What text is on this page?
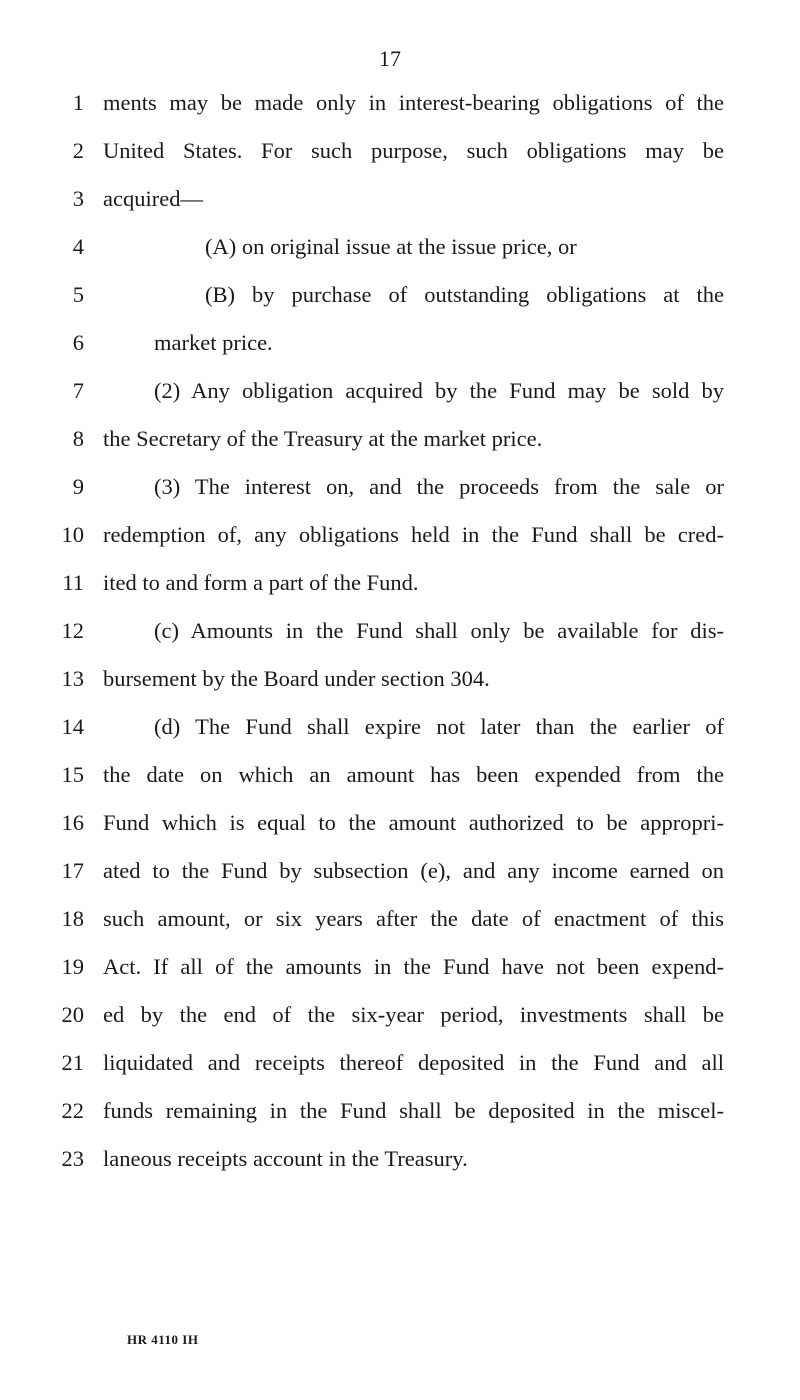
17
1 ments may be made only in interest-bearing obligations of the
2 United States. For such purpose, such obligations may be
3 acquired—
4	(A) on original issue at the issue price, or
5	(B) by purchase of outstanding obligations at the
6	market price.
7	(2) Any obligation acquired by the Fund may be sold by
8 the Secretary of the Treasury at the market price.
9	(3) The interest on, and the proceeds from the sale or
10 redemption of, any obligations held in the Fund shall be cred-
11 ited to and form a part of the Fund.
12	(c) Amounts in the Fund shall only be available for dis-
13 bursement by the Board under section 304.
14	(d) The Fund shall expire not later than the earlier of
15 the date on which an amount has been expended from the
16 Fund which is equal to the amount authorized to be appropri-
17 ated to the Fund by subsection (e), and any income earned on
18 such amount, or six years after the date of enactment of this
19 Act. If all of the amounts in the Fund have not been expend-
20 ed by the end of the six-year period, investments shall be
21 liquidated and receipts thereof deposited in the Fund and all
22 funds remaining in the Fund shall be deposited in the miscel-
23 laneous receipts account in the Treasury.
HR 4110 IH
